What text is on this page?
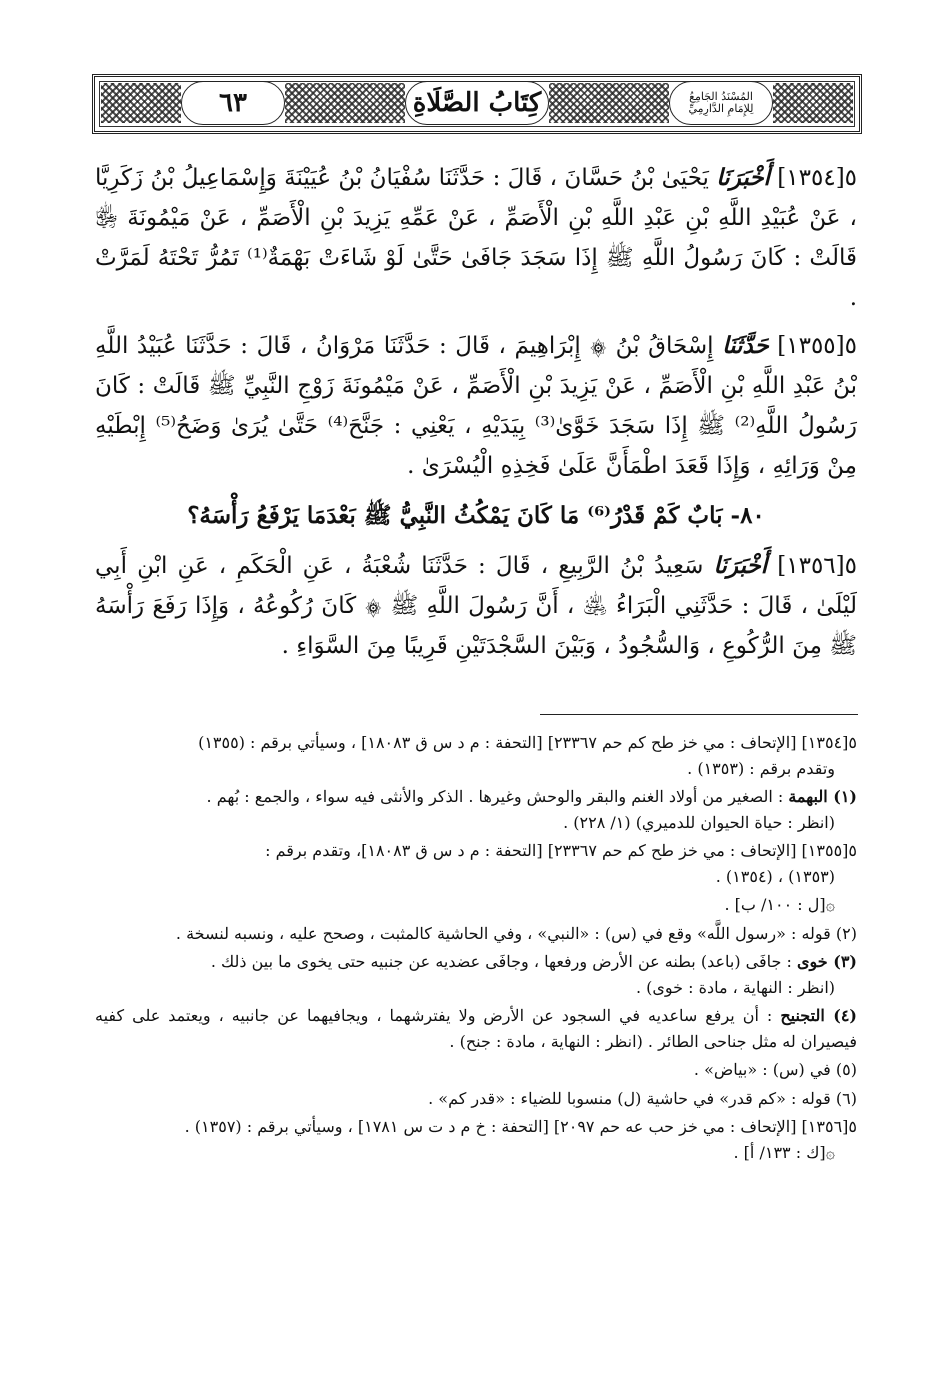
٦٣	كِتَابُ الصَّلَاةِ	المُسْنَدُ الجَامِعُ لِلإِمَامِ الدَّارِمِيِّ

٥[١٣٥٤] أَخْبَرَنَا يَحْيَىٰ بْنُ حَسَّانَ ، قَالَ : حَدَّثَنَا سُفْيَانُ بْنُ عُيَيْنَةَ وَإِسْمَاعِيلُ بْنُ زَكَرِيَّا ، عَنْ عُبَيْدِ اللَّهِ بْنِ عَبْدِ اللَّهِ بْنِ الْأَصَمِّ ، عَنْ عَمِّهِ يَزِيدَ بْنِ الْأَصَمِّ ، عَنْ مَيْمُونَةَ ﵂ قَالَتْ : كَانَ رَسُولُ اللَّهِ ﷺ إِذَا سَجَدَ جَافَىٰ حَتَّىٰ لَوْ شَاءَتْ بَهْمَةٌ⁽¹⁾ تَمُرُّ تَحْتَهُ لَمَرَّتْ .

٥[١٣٥٥] حَدَّثَنَا إِسْحَاقُ بْنُ ۞ إِبْرَاهِيمَ ، قَالَ : حَدَّثَنَا مَرْوَانُ ، قَالَ : حَدَّثَنَا عُبَيْدُ اللَّهِ بْنُ عَبْدِ اللَّهِ بْنِ الْأَصَمِّ ، عَنْ يَزِيدَ بْنِ الْأَصَمِّ ، عَنْ مَيْمُونَةَ زَوْجِ النَّبِيِّ ﷺ قَالَتْ : كَانَ رَسُولُ اللَّهِ⁽²⁾ ﷺ إِذَا سَجَدَ خَوَّىٰ⁽³⁾ بِيَدَيْهِ ، يَعْنِي : جَنَّحَ⁽⁴⁾ حَتَّىٰ يُرَىٰ وَضَحُ⁽⁵⁾ إِبْطَيْهِ مِنْ وَرَائِهِ ، وَإِذَا قَعَدَ اطْمَأَنَّ عَلَىٰ فَخِذِهِ الْيُسْرَىٰ .

٨٠- بَابٌ كَمْ قَدْرُ⁽⁶⁾ مَا كَانَ يَمْكُثُ النَّبِيُّ ﷺ بَعْدَمَا يَرْفَعُ رَأْسَهُ؟

٥[١٣٥٦] أَخْبَرَنَا سَعِيدُ بْنُ الرَّبِيعِ ، قَالَ : حَدَّثَنَا شُعْبَةُ ، عَنِ الْحَكَمِ ، عَنِ ابْنِ أَبِي لَيْلَىٰ ، قَالَ : حَدَّثَنِي الْبَرَاءُ ﵁ ، أَنَّ رَسُولَ اللَّهِ ﷺ ۞ كَانَ رُكُوعُهُ ، وَإِذَا رَفَعَ رَأْسَهُ ﷺ مِنَ الرُّكُوعِ ، وَالسُّجُودُ ، وَبَيْنَ السَّجْدَتَيْنِ قَرِيبًا مِنَ السَّوَاءِ .

٥[١٣٥٤] [الإتحاف : مي خز طح كم حم ٢٣٣٦٧] [التحفة : م د س ق ١٨٠٨٣] ، وسيأتي برقم : (١٣٥٥)
وتقدم برقم : (١٣٥٣) .

(١) البهمة : الصغير من أولاد الغنم والبقر والوحش وغيرها . الذكر والأنثى فيه سواء ، والجمع : بُهم .
(انظر : حياة الحيوان للدميري) (١/ ٢٢٨) .

٥[١٣٥٥] [الإتحاف : مي خز طح كم حم ٢٣٣٦٧] [التحفة : م د س ق ١٨٠٨٣]، وتقدم برقم :
(١٣٥٣) ، (١٣٥٤) .

۞[ل : ١٠٠/ ب] .

(٢) قوله : «رسول اللَّه» وقع في (س) : «النبي» ، وفي الحاشية كالمثبت ، وصحح عليه ، ونسبه لنسخة .

(٣) خوى : جافَى (باعد) بطنه عن الأرض ورفعها ، وجافَى عضديه عن جنبيه حتى يخوى ما بين ذلك .
(انظر : النهاية ، مادة : خوى) .

(٤) التجنيح : أن يرفع ساعديه في السجود عن الأرض ولا يفترشهما ، ويجافيهما عن جانبيه ، ويعتمد على كفيه فيصيران له مثل جناحى الطائر . (انظر : النهاية ، مادة : جنح) .

(٥) في (س) : «بياض» .

(٦) قوله : «كم قدر» في حاشية (ل) منسوبا للضياء : «قدر كم» .

٥[١٣٥٦] [الإتحاف : مي خز حب عه حم ٢٠٩٧] [التحفة : خ م د ت س ١٧٨١] ، وسيأتي برقم : (١٣٥٧) .
۞[ك : ١٣٣/ أ] .
